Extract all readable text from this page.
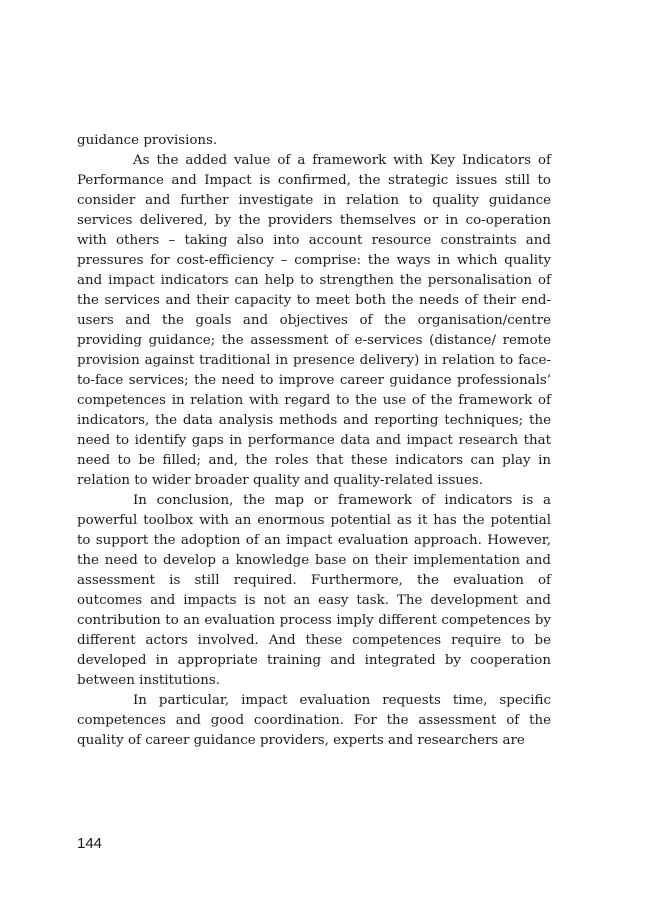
guidance provisions.

As the added value of a framework with Key Indicators of Performance and Impact is confirmed, the strategic issues still to consider and further investigate in relation to quality guidance services delivered, by the providers themselves or in co-operation with others – taking also into account resource constraints and pressures for cost-efficiency – comprise: the ways in which quality and impact indicators can help to strengthen the personalisation of the services and their capacity to meet both the needs of their end-users and the goals and objectives of the organisation/centre providing guidance; the assessment of e-services (distance/ remote provision against traditional in presence delivery) in relation to face-to-face services; the need to improve career guidance professionals’ competences in relation with regard to the use of the framework of indicators, the data analysis methods and reporting techniques; the need to identify gaps in performance data and impact research that need to be filled; and, the roles that these indicators can play in relation to wider broader quality and quality-related issues.

In conclusion, the map or framework of indicators is a powerful toolbox with an enormous potential as it has the potential to support the adoption of an impact evaluation approach. However, the need to develop a knowledge base on their implementation and assessment is still required. Furthermore, the evaluation of outcomes and impacts is not an easy task. The development and contribution to an evaluation process imply different competences by different actors involved. And these competences require to be developed in appropriate training and integrated by cooperation between institutions.

In particular, impact evaluation requests time, specific competences and good coordination. For the assessment of the quality of career guidance providers, experts and researchers are

144
